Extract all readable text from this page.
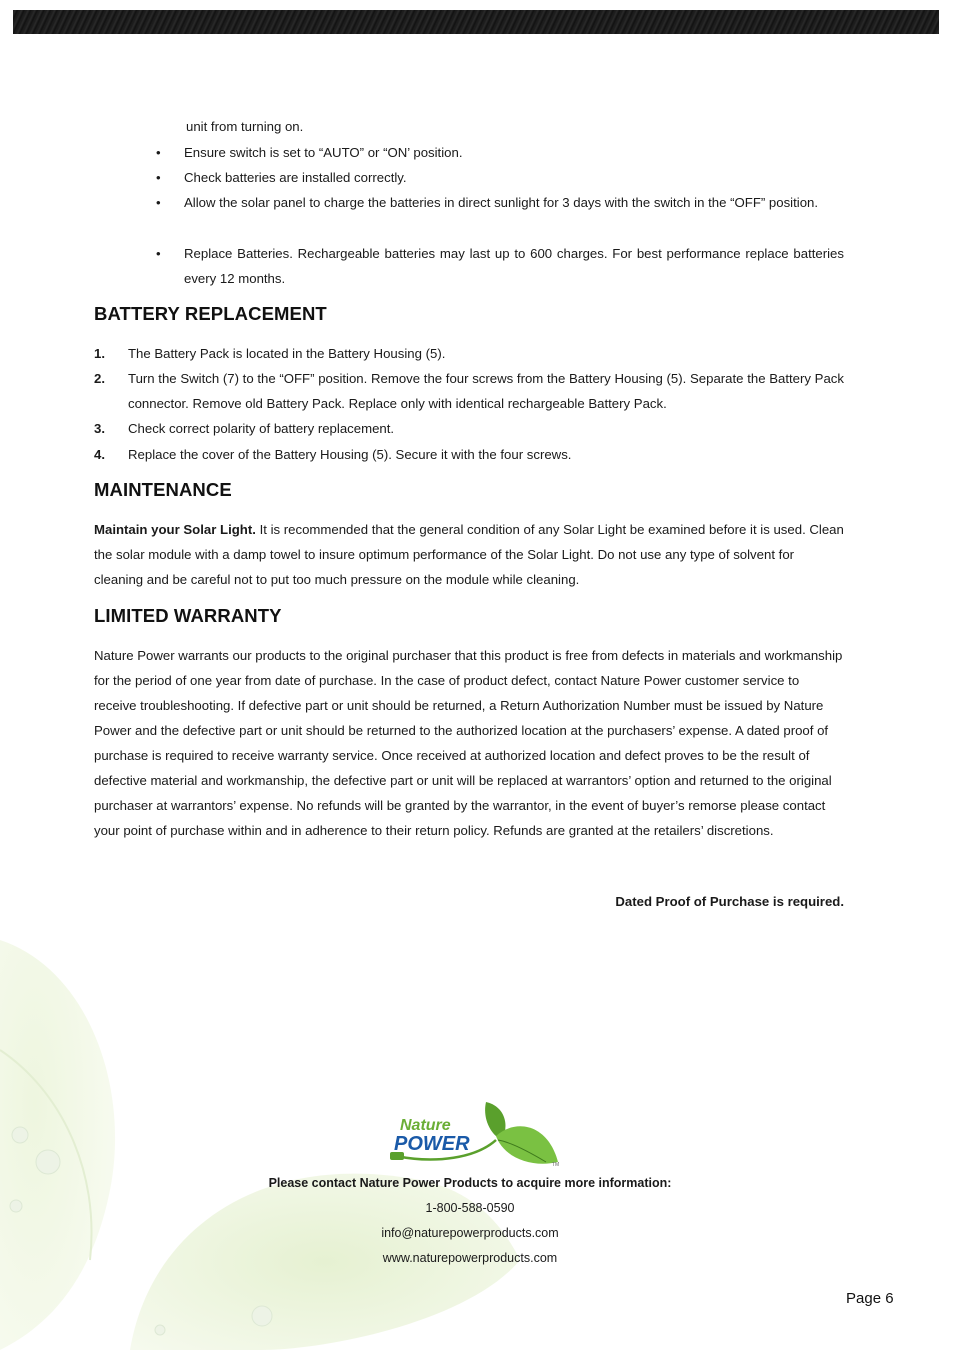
unit from turning on.
• Ensure switch is set to “AUTO” or “ON’ position.
• Check batteries are installed correctly.
• Allow the solar panel to charge the batteries in direct sunlight for 3 days with the switch in the “OFF” position.
• Replace Batteries. Rechargeable batteries may last up to 600 charges. For best performance replace batteries every 12 months.
BATTERY REPLACEMENT
1. The Battery Pack is located in the Battery Housing (5).
2. Turn the Switch (7) to the “OFF” position. Remove the four screws from the Battery Housing (5). Separate the Battery Pack connector. Remove old Battery Pack. Replace only with identical rechargeable Battery Pack.
3. Check correct polarity of battery replacement.
4. Replace the cover of the Battery Housing (5). Secure it with the four screws.
MAINTENANCE
Maintain your Solar Light. It is recommended that the general condition of any Solar Light be examined before it is used. Clean the solar module with a damp towel to insure optimum performance of the Solar Light. Do not use any type of solvent for cleaning and be careful not to put too much pressure on the module while cleaning.
LIMITED WARRANTY
Nature Power warrants our products to the original purchaser that this product is free from defects in materials and workmanship for the period of one year from date of purchase. In the case of product defect, contact Nature Power customer service to receive troubleshooting. If defective part or unit should be returned, a Return Authorization Number must be issued by Nature Power and the defective part or unit should be returned to the authorized location at the purchasers’ expense. A dated proof of purchase is required to receive warranty service. Once received at authorized location and defect proves to be the result of defective material and workmanship, the defective part or unit will be replaced at warrantors’ option and returned to the original purchaser at warrantors’ expense. No refunds will be granted by the warrantor, in the event of buyer’s remorse please contact your point of purchase within and in adherence to their return policy. Refunds are granted at the retailers’ discretions.
Dated Proof of Purchase is required.
Nature
POWER
TM
Please contact Nature Power Products to acquire more information:
1-800-588-0590
info@naturepowerproducts.com
www.naturepowerproducts.com
Page 6
